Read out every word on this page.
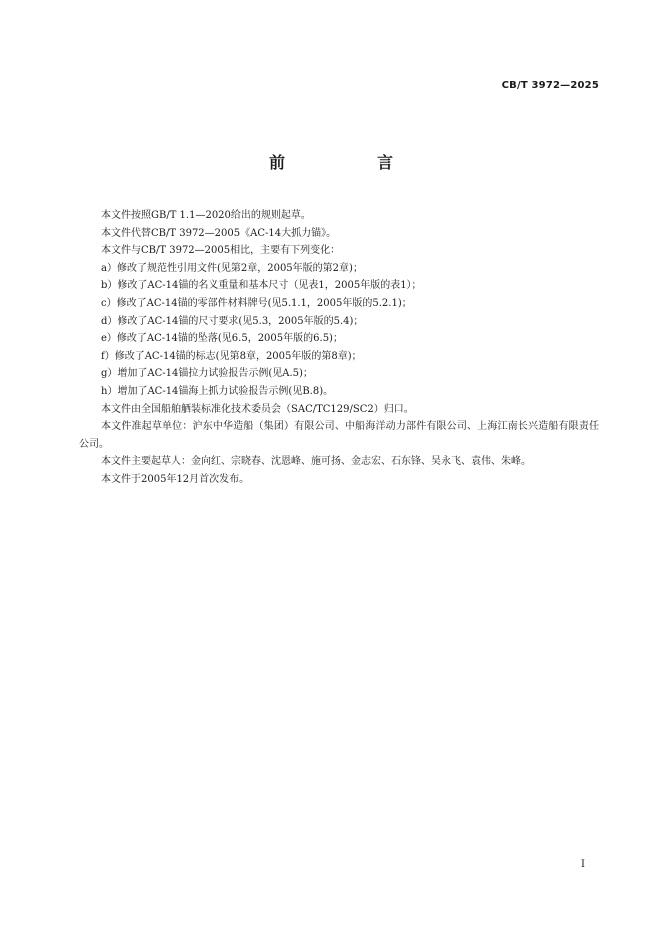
CB/T 3972—2025
前　言

本文件按照GB/T 1.1—2020给出的规则起草。

本文件代替CB/T 3972—2005《AC-14大抓力锚》。

本文件与CB/T 3972—2005相比，主要有下列变化：

a）修改了规范性引用文件(见第2章，2005年版的第2章)；

b）修改了AC-14锚的名义重量和基本尺寸（见表1，2005年版的表1）；

c）修改了AC-14锚的零部件材料牌号(见5.1.1，2005年版的5.2.1)；

d）修改了AC-14锚的尺寸要求(见5.3，2005年版的5.4)；

e）修改了AC-14锚的坠落(见6.5，2005年版的6.5)；

f）修改了AC-14锚的标志(见第8章，2005年版的第8章)；

g）增加了AC-14锚拉力试验报告示例(见A.5)；

h）增加了AC-14锚海上抓力试验报告示例(见B.8)。

本文件由全国船舶舾装标准化技术委员会（SAC/TC129/SC2）归口。

本文件准起草单位：沪东中华造船（集团）有限公司、中船海洋动力部件有限公司、上海江南长兴造船有限责任公司。

本文件主要起草人：金向红、宗晓春、沈恩峰、施可扬、金志宏、石东锋、吴永飞、袁伟、朱峰。

本文件于2005年12月首次发布。

I
